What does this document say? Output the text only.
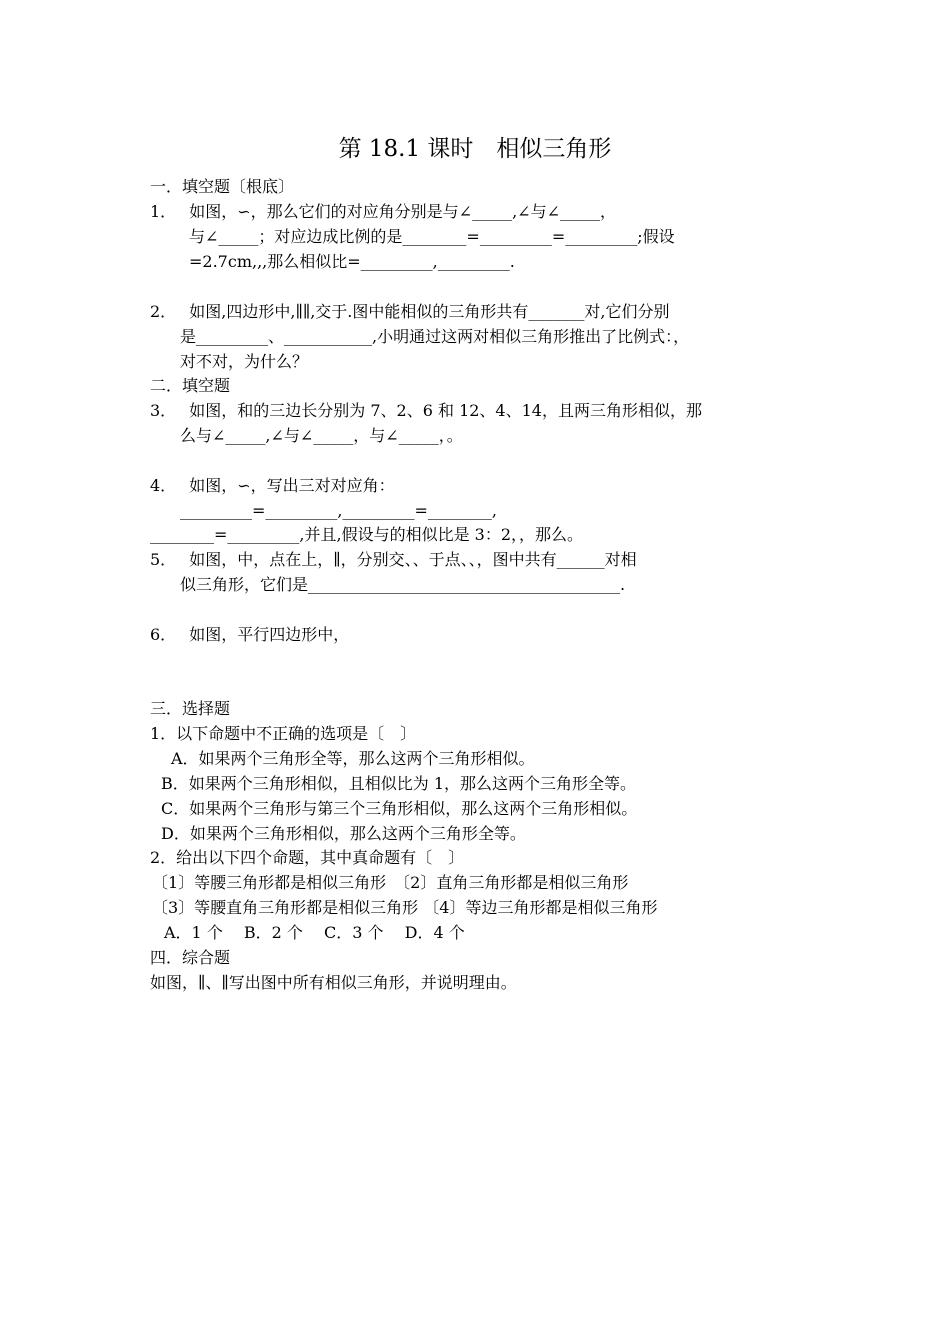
第 18.1 课时　相似三角形
一．填空题〔根底〕
1．　 如图，∽，那么它们的对应角分别是与∠_____,∠与∠_____，
与∠_____；对应边成比例的是________=_________=_________;假设
=2.7cm,,,那么相似比=_________,_________.
2．　 如图,四边形中,∥∥,交于.图中能相似的三角形共有_______对,它们分别
是_________、___________,小明通过这两对相似三角形推出了比例式：，
对不对，为什么？
二．填空题
3．　 如图，和的三边长分别为 7、2、6 和 12、4、14，且两三角形相似，那
么与∠_____,∠与∠_____，与∠_____，。
4．　 如图，∽，写出三对对应角：
_________=_________,_________=________,
________=_________,并且,假设与的相似比是 3：2，，那么。
5．　 如图，中，点在上，∥，分别交、、于点、、，图中共有______对相
似三角形，它们是_______________________________________.
6．　 如图，平行四边形中，
三．选择题
1．以下命题中不正确的选项是〔　〕
A．如果两个三角形全等，那么这两个三角形相似。
B．如果两个三角形相似，且相似比为 1，那么这两个三角形全等。
C．如果两个三角形与第三个三角形相似，那么这两个三角形相似。
D．如果两个三角形相似，那么这两个三角形全等。
2．给出以下四个命题，其中真命题有〔　〕
〔1〕等腰三角形都是相似三角形　〔2〕直角三角形都是相似三角形
〔3〕等腰直角三角形都是相似三角形 〔4〕等边三角形都是相似三角形
A．1 个　 B．2 个　 C．3 个　 D．4 个
四．综合题
如图，∥、∥写出图中所有相似三角形，并说明理由。
